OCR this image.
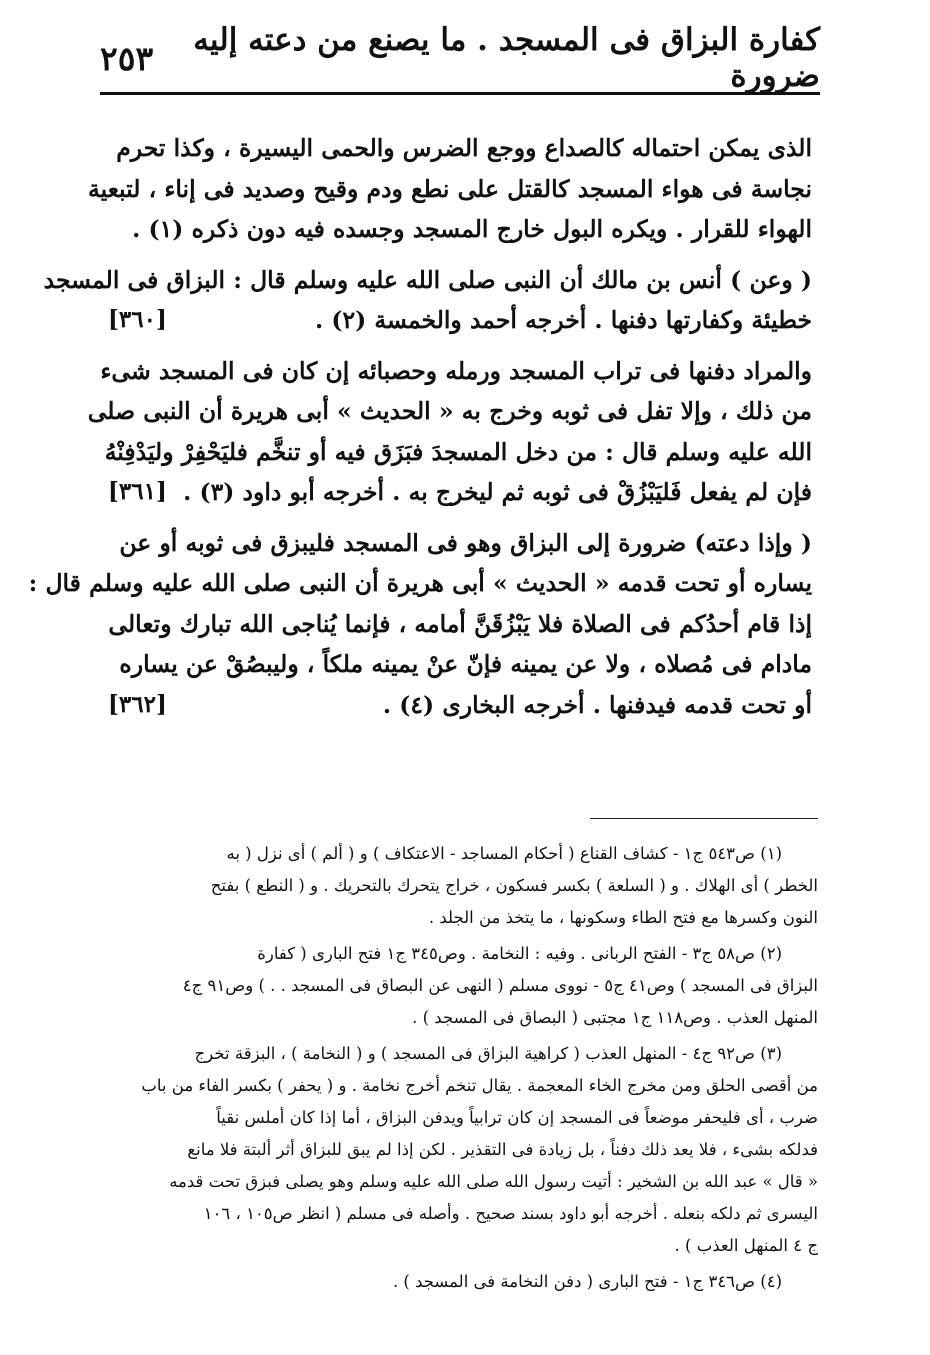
كفارة البزاق فى المسجد . ما يصنع من دعته إليه ضرورة
٢٥٣
الذى يمكن احتماله كالصداع ووجع الضرس والحمى اليسيرة ، وكذا تحرم
نجاسة فى هواء المسجد كالقتل على نطع ودم وقيح وصديد فى إناء ، لتبعية
الهواء للقرار . ويكره البول خارج المسجد وجسده فيه دون ذكره (١) .
( وعن ) أنس بن مالك أن النبى صلى الله عليه وسلم قال : البزاق فى المسجد
خطيئة وكفارتها دفنها . أخرجه أحمد والخمسة (٢) .
[٣٦٠]
والمراد دفنها فى تراب المسجد ورمله وحصبائه إن كان فى المسجد شىء
من ذلك ، وإلا تفل فى ثوبه وخرج به « الحديث » أبى هريرة أن النبى صلى
الله عليه وسلم قال : من دخل المسجدَ فبَزَق فيه أو تنخَّم فليَحْفِرْ وليَدْفِنْهُ
فإن لم يفعل فَليَبْزُقْ فى ثوبه ثم ليخرج به . أخرجه أبو داود (٣) .
[٣٦١]
( وإذا دعته) ضرورة إلى البزاق وهو فى المسجد فليبزق فى ثوبه أو عن
يساره أو تحت قدمه « الحديث » أبى هريرة أن النبى صلى الله عليه وسلم قال :
إذا قام أحدُكم فى الصلاة فلا يَبْزُقَنَّ أمامه ، فإنما يُناجى الله تبارك وتعالى
مادام فى مُصلاه ، ولا عن يمينه فإنّ عنْ يمينه ملكاً ، وليبصُقْ عن يساره
أو تحت قدمه فيدفنها . أخرجه البخارى (٤) .
[٣٦٢]
(١) ص٥٤٣ ج١ - كشاف القناع ( أحكام المساجد - الاعتكاف ) و ( ألم ) أى نزل ( به
الخطر ) أى الهلاك . و ( السلعة ) بكسر فسكون ، خراج يتحرك بالتحريك . و ( النطع ) بفتح
النون وكسرها مع فتح الطاء وسكونها ، ما يتخذ من الجلد .
(٢) ص٥٨ ج٣ - الفتح الربانى . وفيه : النخامة . وص٣٤٥ ج١ فتح البارى ( كفارة
البزاق فى المسجد ) وص٤١ ج٥ - نووى مسلم ( النهى عن البصاق فى المسجد . . ) وص٩١ ج٤
المنهل العذب . وص١١٨ ج١ مجتبى ( البصاق فى المسجد ) .
(٣) ص٩٢ ج٤ - المنهل العذب ( كراهية البزاق فى المسجد ) و ( النخامة ) ، البزقة تخرج
من أقصى الحلق ومن مخرج الخاء المعجمة . يقال تنخم أخرج نخامة . و ( يحفر ) بكسر الفاء من باب
ضرب ، أى فليحفر موضعاً فى المسجد إن كان ترابياً ويدفن البزاق ، أما إذا كان أملس نقياً
فدلكه بشىء ، فلا يعد ذلك دفناً ، بل زيادة فى التقذير . لكن إذا لم يبق للبزاق أثر ألبتة فلا مانع
« قال » عبد الله بن الشخير : أتيت رسول الله صلى الله عليه وسلم وهو يصلى فبزق تحت قدمه
اليسرى ثم دلكه بنعله . أخرجه أبو داود بسند صحيح . وأصله فى مسلم ( انظر ص١٠٥ ، ١٠٦
ج ٤ المنهل العذب ) .
(٤) ص٣٤٦ ج١ - فتح البارى ( دفن النخامة فى المسجد ) .
